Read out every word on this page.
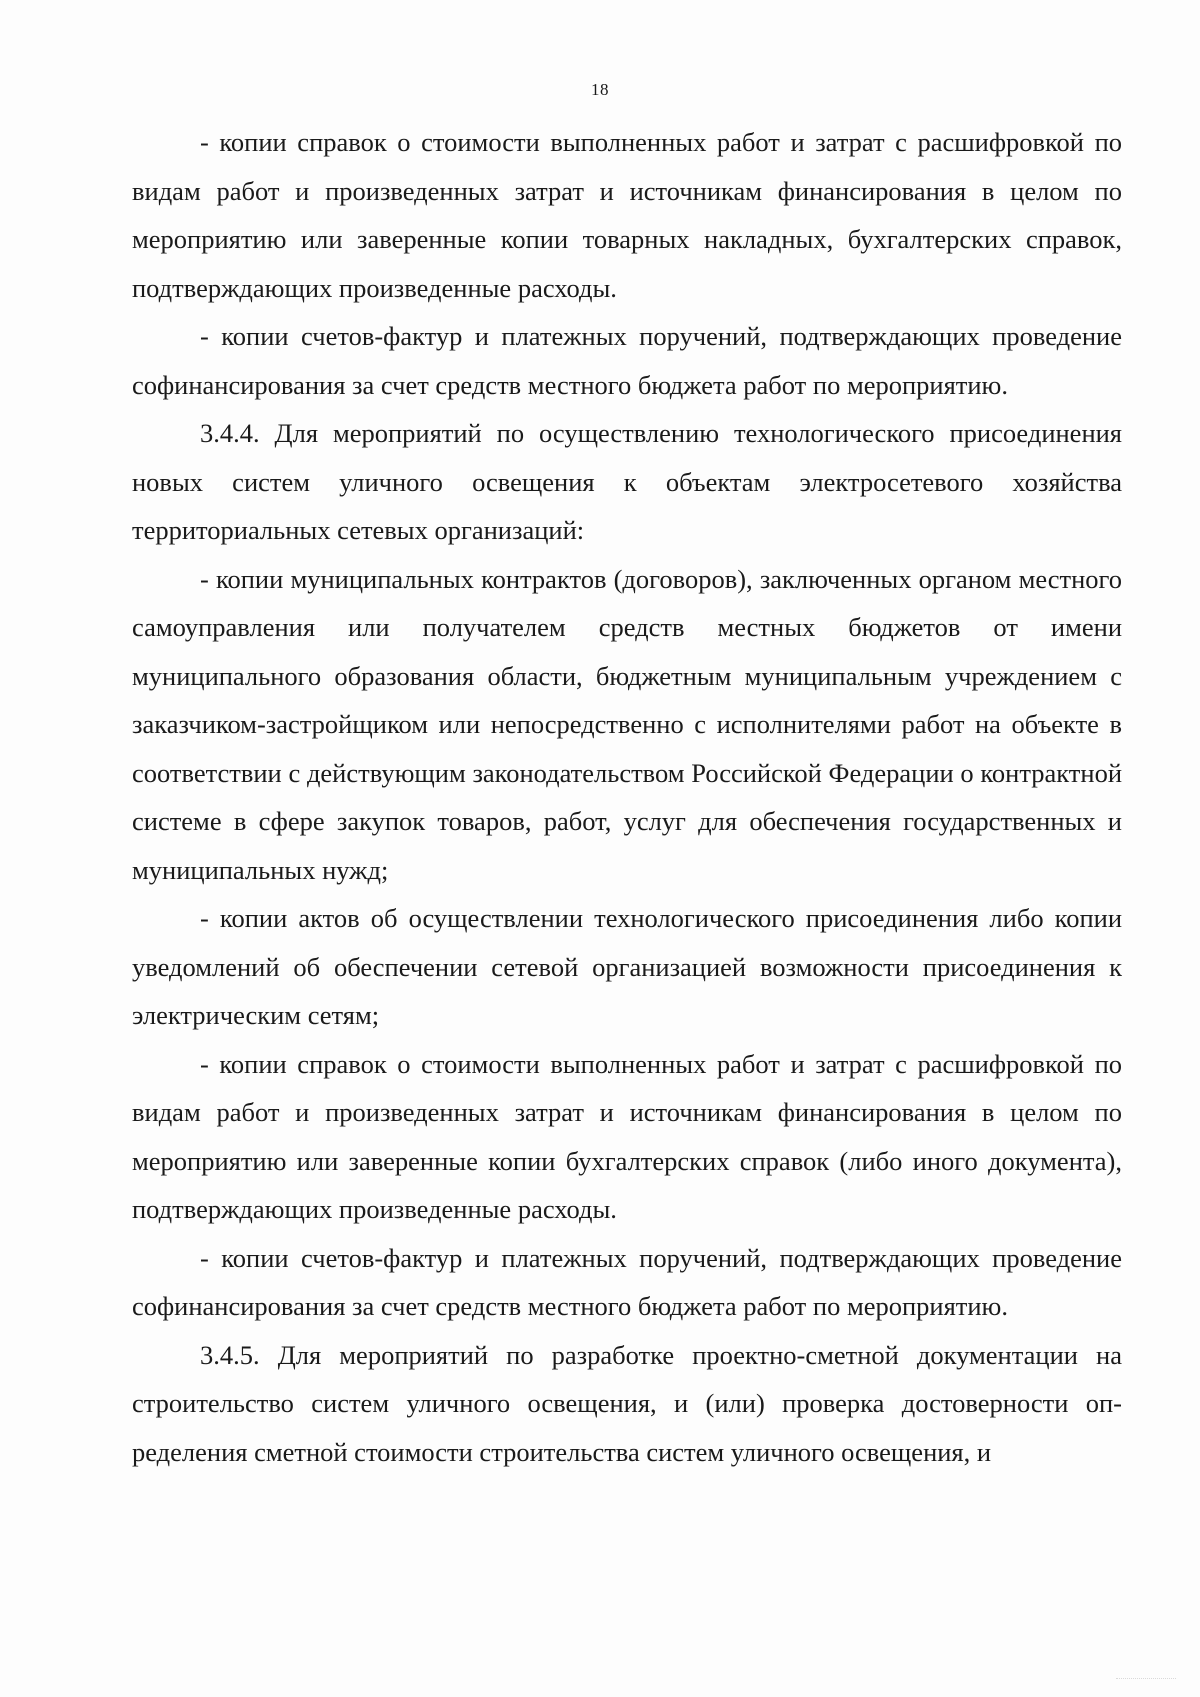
18

- копии справок о стоимости выполненных работ и затрат с расшифровкой по видам работ и произведенных затрат и источникам финансирования в целом по мероприятию или заверенные копии товарных накладных, бухгалтерских справок, подтверждающих произведенные расходы.

- копии счетов-фактур и платежных поручений, подтверждающих проведение софинансирования за счет средств местного бюджета работ по мероприятию.

3.4.4. Для мероприятий по осуществлению технологического присоединения новых систем уличного освещения к объектам электросетевого хозяйства территориальных сетевых организаций:

- копии муниципальных контрактов (договоров), заключенных органом местного самоуправления или получателем средств местных бюджетов от имени муниципального образования области, бюджетным муниципальным учреждением с заказчиком-застройщиком или непосредственно с исполнителями работ на объекте в соответствии с действующим законодательством Российской Федерации о контрактной системе в сфере закупок товаров, работ, услуг для обеспечения государственных и муниципальных нужд;

- копии актов об осуществлении технологического присоединения либо копии уведомлений об обеспечении сетевой организацией возможности присоединения к электрическим сетям;

- копии справок о стоимости выполненных работ и затрат с расшифровкой по видам работ и произведенных затрат и источникам финансирования в целом по мероприятию или заверенные копии бухгалтерских справок (либо иного документа), подтверждающих произведенные расходы.

- копии счетов-фактур и платежных поручений, подтверждающих проведение софинансирования за счет средств местного бюджета работ по мероприятию.

3.4.5. Для мероприятий по разработке проектно-сметной документации на строительство систем уличного освещения, и (или) проверка достоверности определения сметной стоимости строительства систем уличного освещения, и
